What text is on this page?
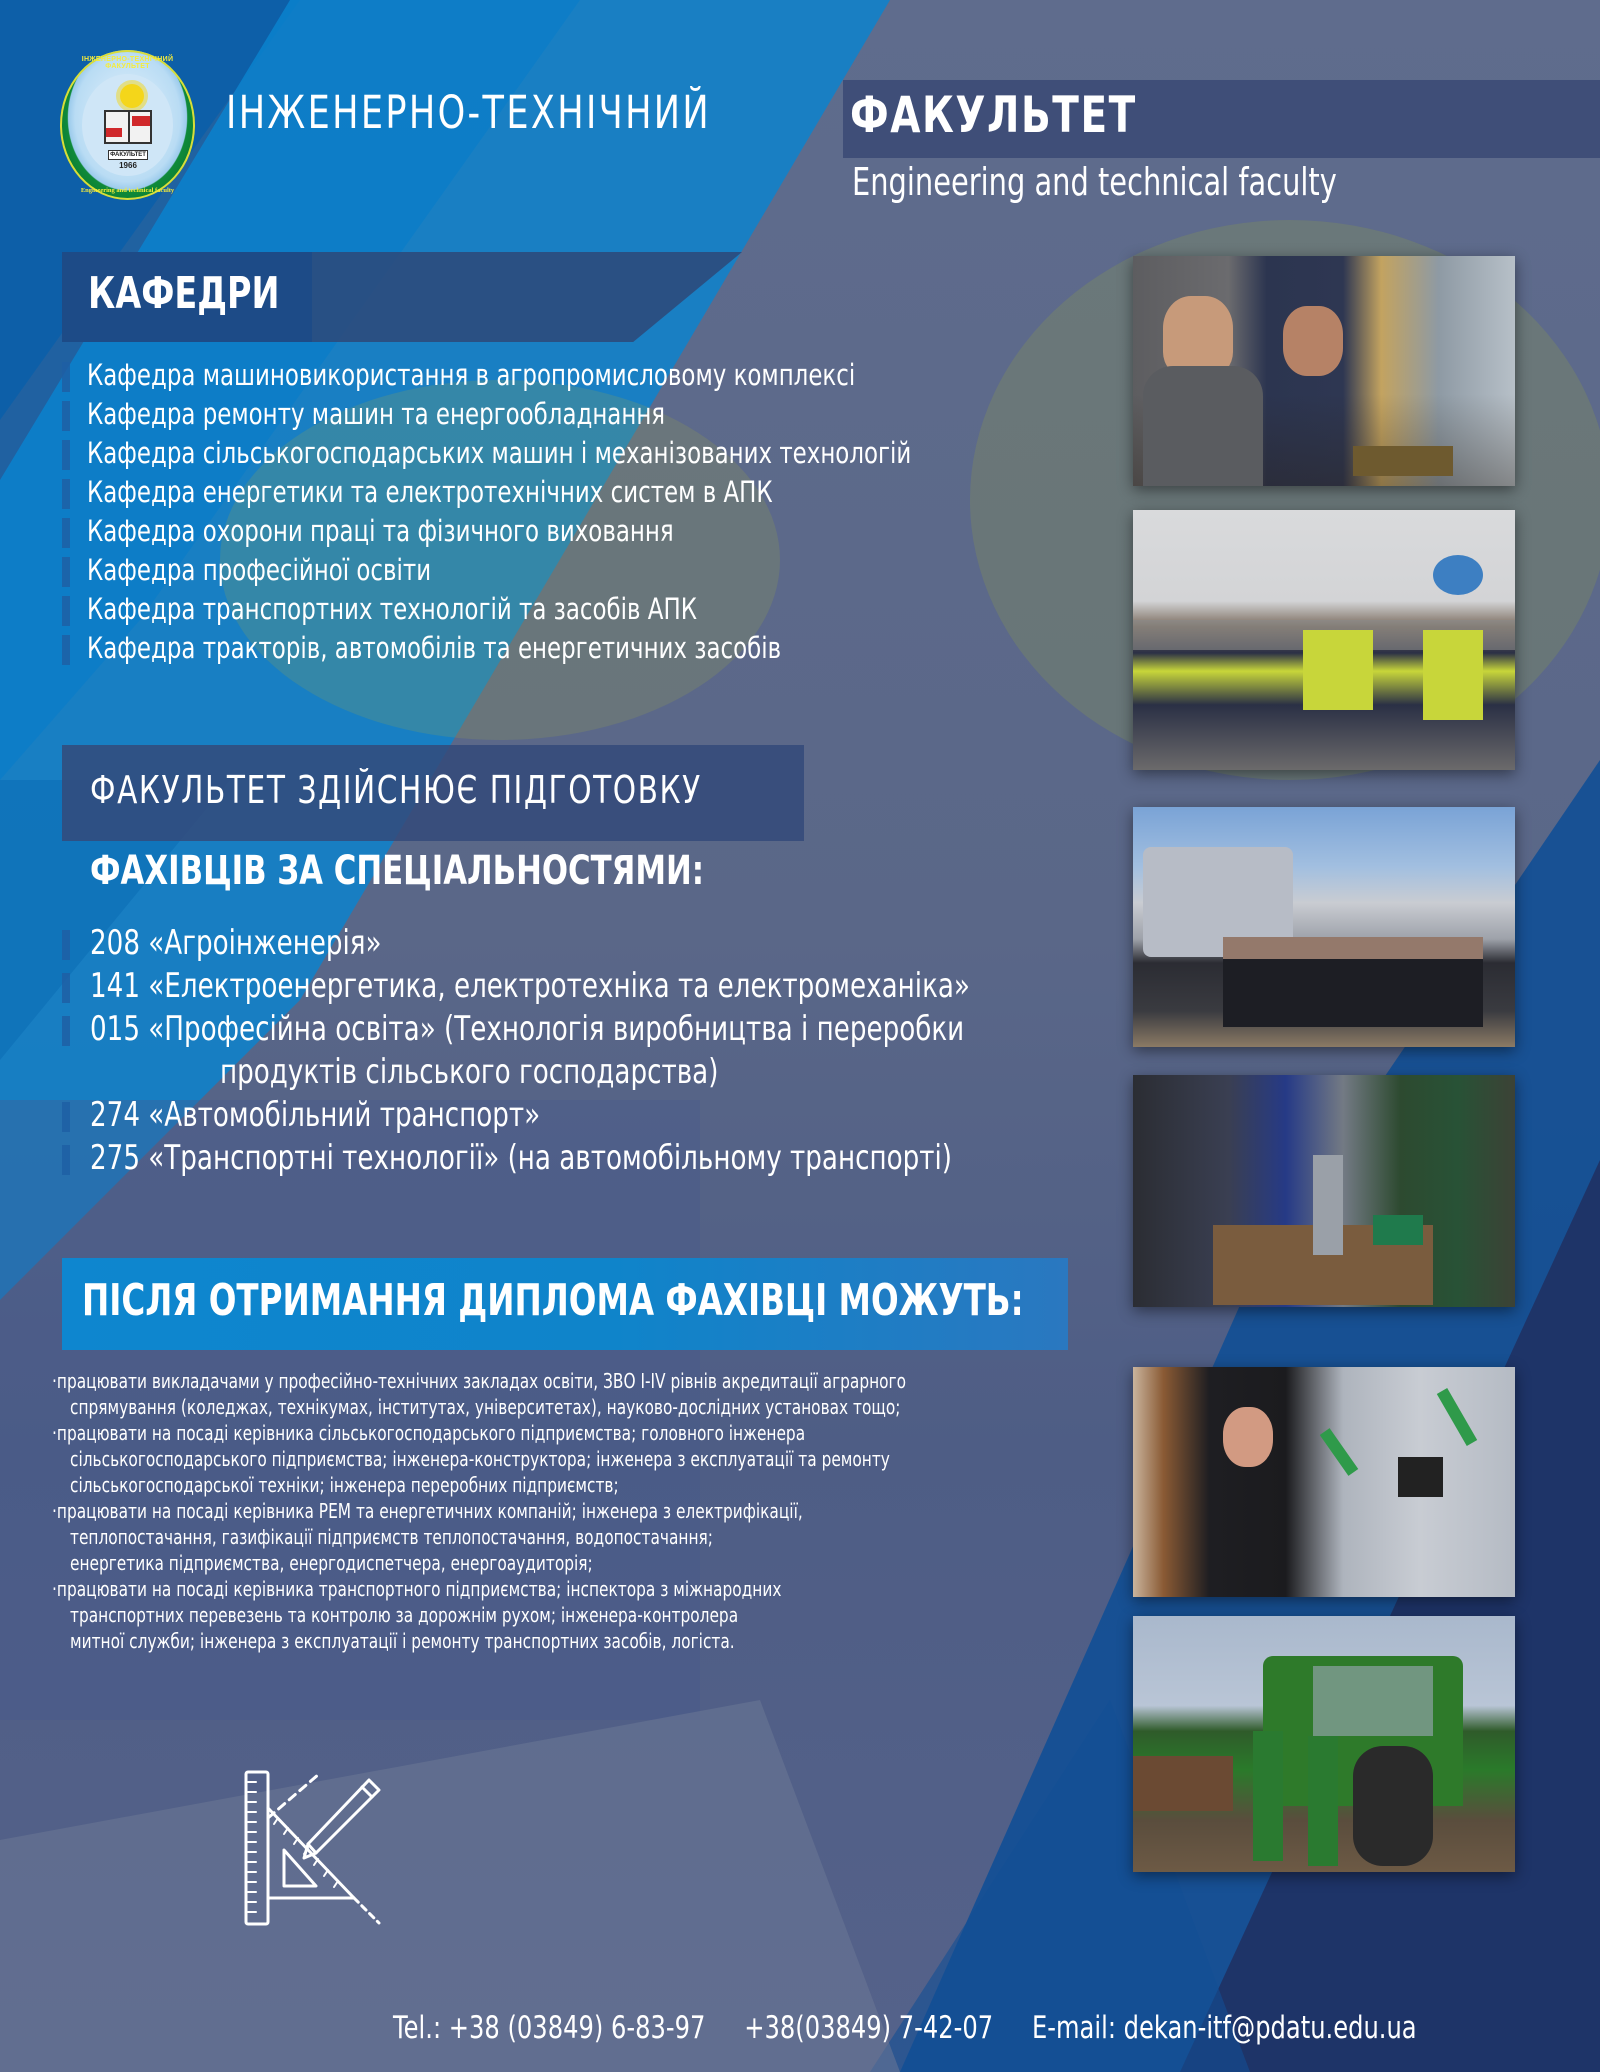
ІНЖЕНЕРНО-ТЕХНІЧНИЙ ФАКУЛЬТЕТ
ФАКУЛЬТЕТ
1966
Engineering and technical faculty
ІНЖЕНЕРНО-ТЕХНІЧНИЙ	ФАКУЛЬТЕТ
Engineering and technical faculty
КАФЕДРИ
Кафедра машиновикористання в агропромисловому комплексі
Кафедра ремонту машин та енергообладнання
Кафедра сільськогосподарських машин і механізованих технологій
Кафедра енергетики та електротехнічних систем в АПК
Кафедра охорони праці та фізичного виховання
Кафедра професійної освіти
Кафедра транспортних технологій та засобів АПК
Кафедра тракторів, автомобілів та енергетичних засобів
ФАКУЛЬТЕТ ЗДІЙСНЮЄ ПІДГОТОВКУ
ФАХІВЦІВ ЗА СПЕЦІАЛЬНОСТЯМИ:
208 «Агроінженерія»
141 «Електроенергетика, електротехніка та електромеханіка»
015 «Професійна освіта» (Технологія виробництва і переробки
продуктів сільського господарства)
274 «Автомобільний транспорт»
275 «Транспортні технології» (на автомобільному транспорті)
ПІСЛЯ ОТРИМАННЯ ДИПЛОМА ФАХІВЦІ МОЖУТЬ:
·працювати викладачами у професійно-технічних закладах освіти, ЗВО І-ІV рівнів акредитації аграрного
спрямування (коледжах, технікумах, інститутах, університетах), науково-дослідних установах тощо;
·працювати на посаді керівника сільськогосподарського підприємства; головного інженера
сільськогосподарського підприємства; інженера-конструктора; інженера з експлуатації та ремонту
сільськогосподарської техніки; інженера переробних підприємств;
·працювати на посаді керівника РЕМ та енергетичних компаній; інженера з електрифікації,
теплопостачання, газифікації підприємств теплопостачання, водопостачання;
енергетика підприємства, енергодиспетчера, енергоаудиторія;
·працювати на посаді керівника транспортного підприємства; інспектора з міжнародних
транспортних перевезень та контролю за дорожнім рухом; інженера-контролера
митної служби; інженера з експлуатації і ремонту транспортних засобів, логіста.
Tel.: +38 (03849) 6-83-97 +38(03849) 7-42-07 E-mail: dekan-itf@pdatu.edu.ua
